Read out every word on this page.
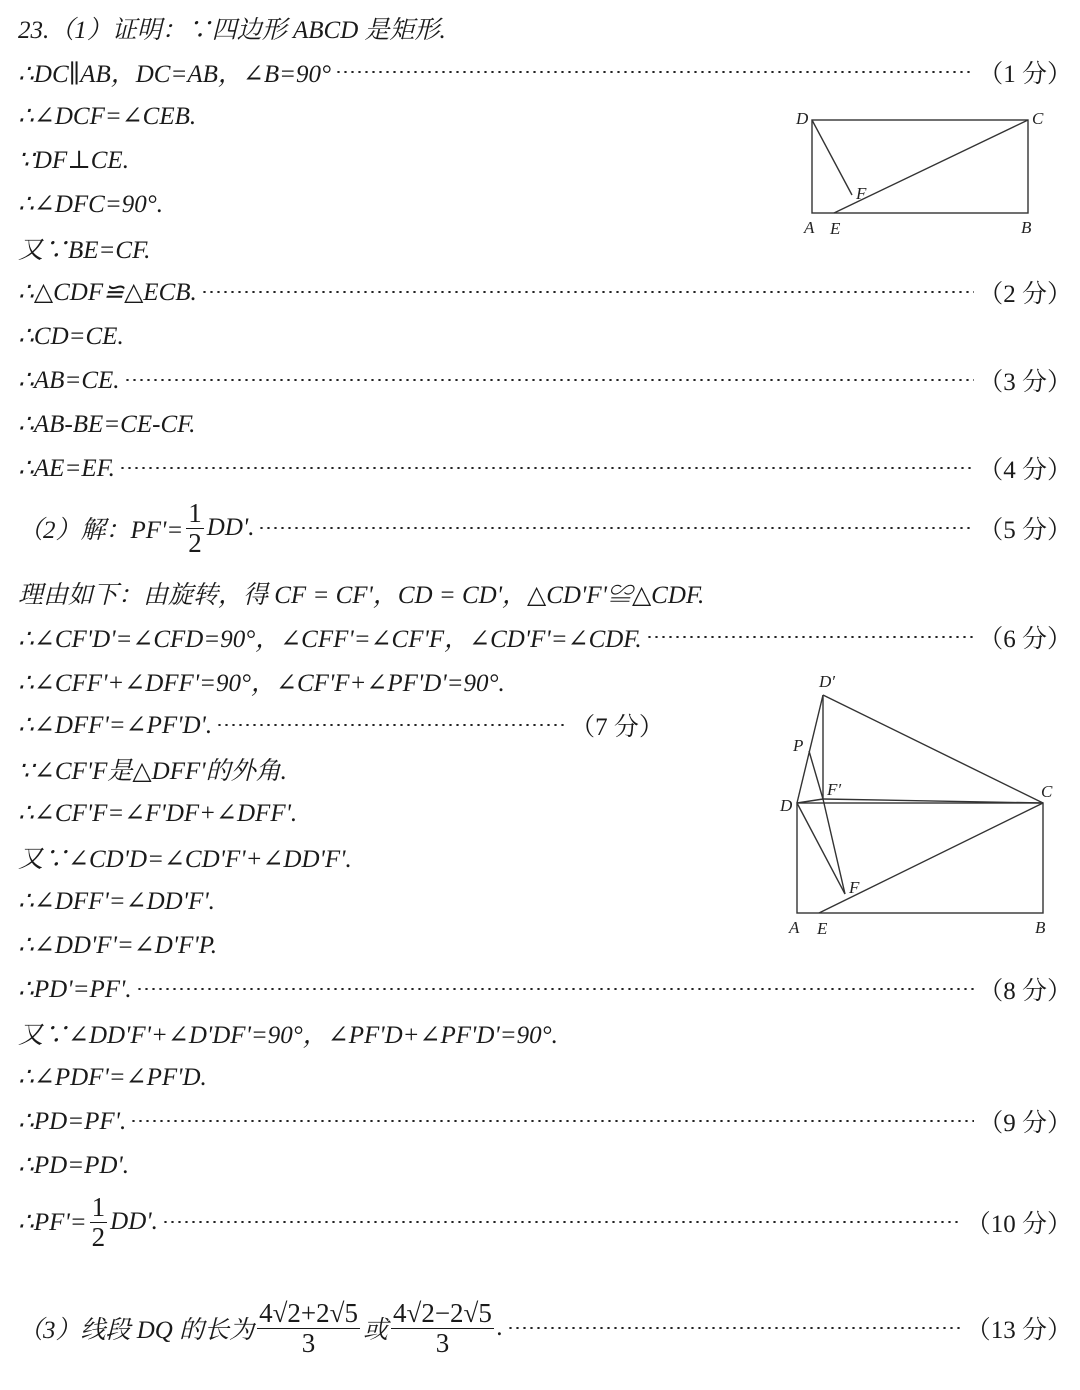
23.（1）证明：∵四边形 ABCD 是矩形.
∴DC∥AB，DC=AB，∠B=90°	（1 分）
∴∠DCF=∠CEB.
∵DF⊥CE.
∴∠DFC=90°.
又∵BE=CF.
∴△CDF≌△ECB.	（2 分）
∴CD=CE.
∴AB=CE.	（3 分）
∴AB-BE=CE-CF.
∴AE=EF.	（4 分）
（2）解：$PF'= \frac{1}{2} DD'$.	（5 分）
理由如下：由旋转，得 CF = CF'，CD = CD'，△CD'F'≌△CDF.
∴∠CF'D'=∠CFD=90°，∠CFF'=∠CF'F，∠CD'F'=∠CDF.	（6 分）
∴∠CFF'+∠DFF'=90°，∠CF'F+∠PF'D'=90°.
∴∠DFF'=∠PF'D'.	（7 分）
∵∠CF'F是△DFF'的外角.
∴∠CF'F=∠F'DF+∠DFF'.
又∵∠CD'D=∠CD'F'+∠DD'F'.
∴∠DFF'=∠DD'F'.
∴∠DD'F'=∠D'F'P.
∴PD'=PF'.	（8 分）
又∵∠DD'F'+∠D'DF'=90°，∠PF'D+∠PF'D'=90°.
∴∠PDF'=∠PF'D.
∴PD=PF'.	（9 分）
∴PD=PD'.
∴PF'= $\frac{1}{2} DD'$.	（10 分）
（3）线段 DQ 的长为 $\frac{4√2+2√5}{3}$ 或 $\frac{4√2-2√5}{3}$ .	（13 分）
D	C
A E	B
F
D′
P
F′
D
C
F
A E	B
